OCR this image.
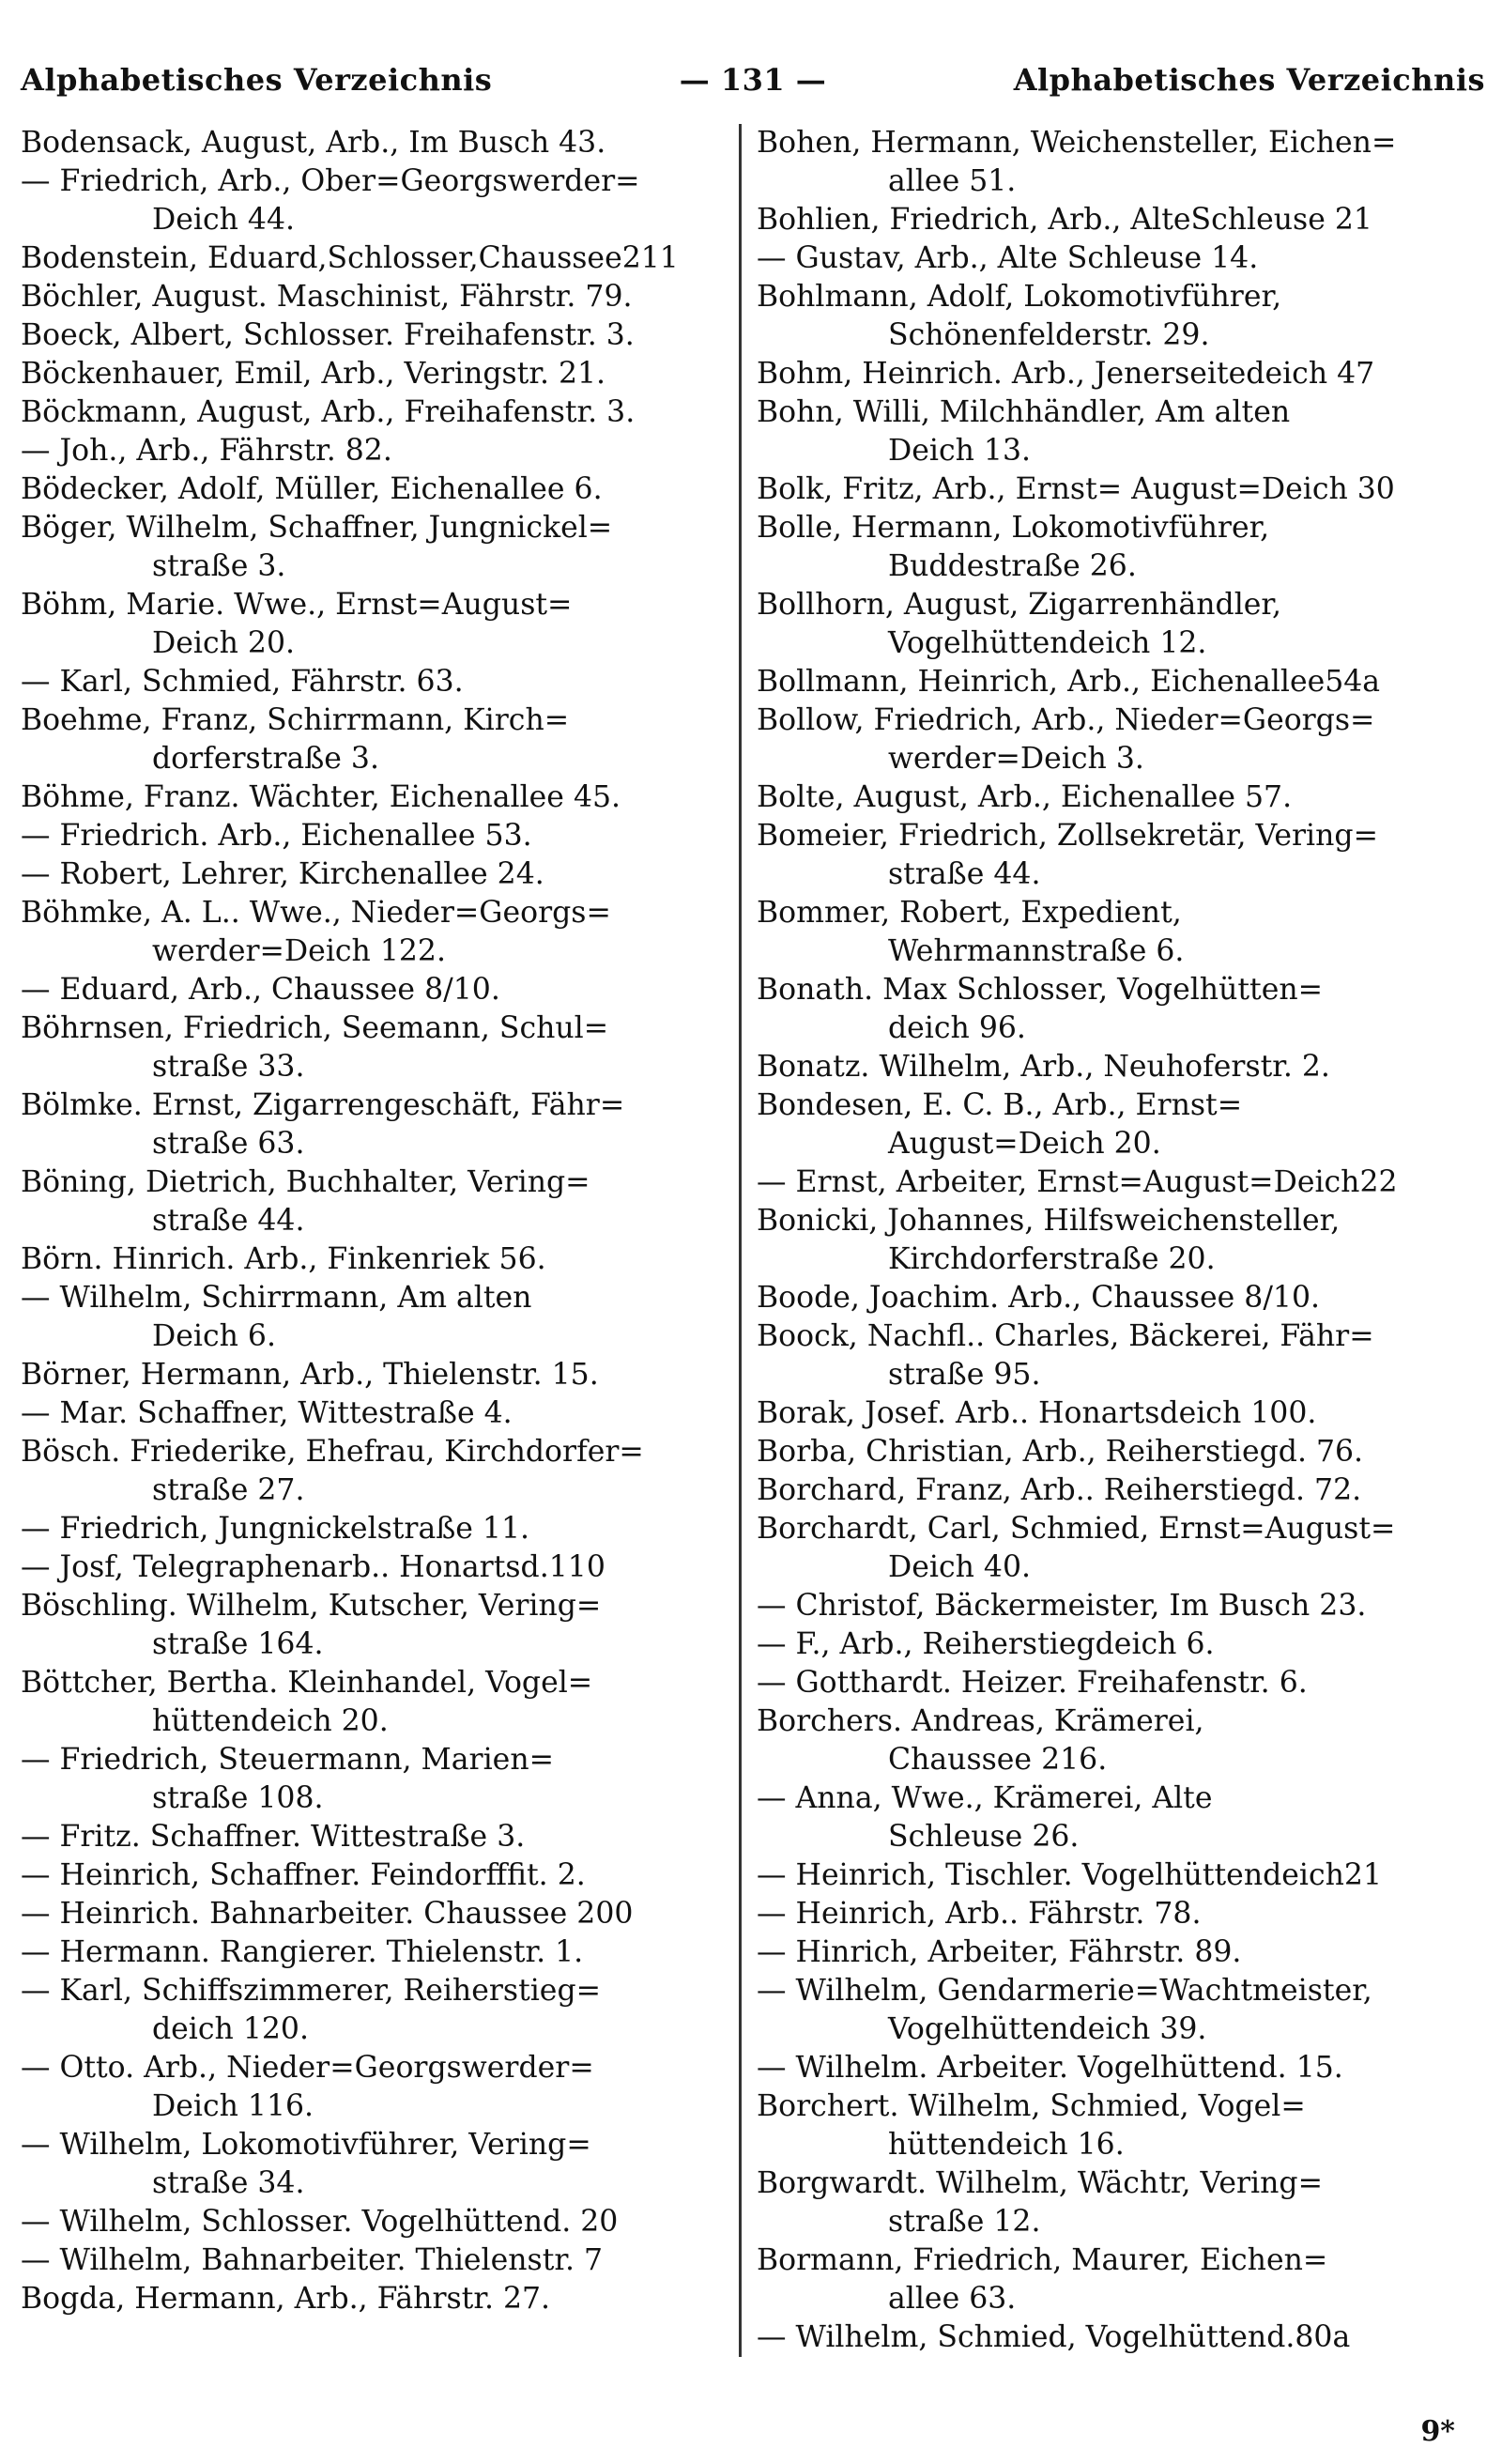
Alphabetisches Verzeichnis	— 131 —	Alphabetisches Verzeichnis

Bodensack, August, Arb., Im Busch 43.

— Friedrich, Arb., Ober=Georgswerder=
Deich 44.

Bodenstein, Eduard,Schlosser,Chaussee211

Böchler, August. Maschinist, Fährstr. 79.

Boeck, Albert, Schlosser. Freihafenstr. 3.

Böckenhauer, Emil, Arb., Veringstr. 21.

Böckmann, August, Arb., Freihafenstr. 3.

— Joh., Arb., Fährstr. 82.

Bödecker, Adolf, Müller, Eichenallee 6.

Böger, Wilhelm, Schaffner, Jungnickel=
straße 3.

Böhm, Marie. Wwe., Ernst=August=
Deich 20.

— Karl, Schmied, Fährstr. 63.

Boehme, Franz, Schirrmann, Kirch=
dorferstraße 3.

Böhme, Franz. Wächter, Eichenallee 45.

— Friedrich. Arb., Eichenallee 53.

— Robert, Lehrer, Kirchenallee 24.

Böhmke, A. L.. Wwe., Nieder=Georgs=
werder=Deich 122.

— Eduard, Arb., Chaussee 8/10.

Böhrnsen, Friedrich, Seemann, Schul=
straße 33.

Bölmke. Ernst, Zigarrengeschäft, Fähr=
straße 63.

Böning, Dietrich, Buchhalter, Vering=
straße 44.

Börn. Hinrich. Arb., Finkenriek 56.

— Wilhelm, Schirrmann, Am alten
Deich 6.

Börner, Hermann, Arb., Thielenstr. 15.

— Mar. Schaffner, Wittestraße 4.

Bösch. Friederike, Ehefrau, Kirchdorfer=
straße 27.

— Friedrich, Jungnickelstraße 11.

— Josf, Telegraphenarb.. Honartsd.110

Böschling. Wilhelm, Kutscher, Vering=
straße 164.

Böttcher, Bertha. Kleinhandel, Vogel=
hüttendeich 20.

— Friedrich, Steuermann, Marien=
straße 108.

— Fritz. Schaffner. Wittestraße 3.

— Heinrich, Schaffner. Feindorfffit. 2.

— Heinrich. Bahnarbeiter. Chaussee 200

— Hermann. Rangierer. Thielenstr. 1.

— Karl, Schiffszimmerer, Reiherstieg=
deich 120.

— Otto. Arb., Nieder=Georgswerder=
Deich 116.

— Wilhelm, Lokomotivführer, Vering=
straße 34.

— Wilhelm, Schlosser. Vogelhüttend. 20

— Wilhelm, Bahnarbeiter. Thielenstr. 7

Bogda, Hermann, Arb., Fährstr. 27.

Bohen, Hermann, Weichensteller, Eichen=
allee 51.

Bohlien, Friedrich, Arb., AlteSchleuse 21

— Gustav, Arb., Alte Schleuse 14.

Bohlmann, Adolf, Lokomotivführer,
Schönenfelderstr. 29.

Bohm, Heinrich. Arb., Jenerseitedeich 47

Bohn, Willi, Milchhändler, Am alten
Deich 13.

Bolk, Fritz, Arb., Ernst= August=Deich 30

Bolle, Hermann, Lokomotivführer,
Buddestraße 26.

Bollhorn, August, Zigarrenhändler,
Vogelhüttendeich 12.

Bollmann, Heinrich, Arb., Eichenallee54a

Bollow, Friedrich, Arb., Nieder=Georgs=
werder=Deich 3.

Bolte, August, Arb., Eichenallee 57.

Bomeier, Friedrich, Zollsekretär, Vering=
straße 44.

Bommer, Robert, Expedient,
Wehrmannstraße 6.

Bonath. Max Schlosser, Vogelhütten=
deich 96.

Bonatz. Wilhelm, Arb., Neuhoferstr. 2.

Bondesen, E. C. B., Arb., Ernst=
August=Deich 20.

— Ernst, Arbeiter, Ernst=August=Deich22

Bonicki, Johannes, Hilfsweichensteller,
Kirchdorferstraße 20.

Boode, Joachim. Arb., Chaussee 8/10.

Boock, Nachfl.. Charles, Bäckerei, Fähr=
straße 95.

Borak, Josef. Arb.. Honartsdeich 100.

Borba, Christian, Arb., Reiherstiegd. 76.

Borchard, Franz, Arb.. Reiherstiegd. 72.

Borchardt, Carl, Schmied, Ernst=August=
Deich 40.

— Christof, Bäckermeister, Im Busch 23.

— F., Arb., Reiherstiegdeich 6.

— Gotthardt. Heizer. Freihafenstr. 6.

Borchers. Andreas, Krämerei,
Chaussee 216.

— Anna, Wwe., Krämerei, Alte
Schleuse 26.

— Heinrich, Tischler. Vogelhüttendeich21

— Heinrich, Arb.. Fährstr. 78.

— Hinrich, Arbeiter, Fährstr. 89.

— Wilhelm, Gendarmerie=Wachtmeister,
Vogelhüttendeich 39.

— Wilhelm. Arbeiter. Vogelhüttend. 15.

Borchert. Wilhelm, Schmied, Vogel=
hüttendeich 16.

Borgwardt. Wilhelm, Wächtr, Vering=
straße 12.

Bormann, Friedrich, Maurer, Eichen=
allee 63.

— Wilhelm, Schmied, Vogelhüttend.80a

9*
